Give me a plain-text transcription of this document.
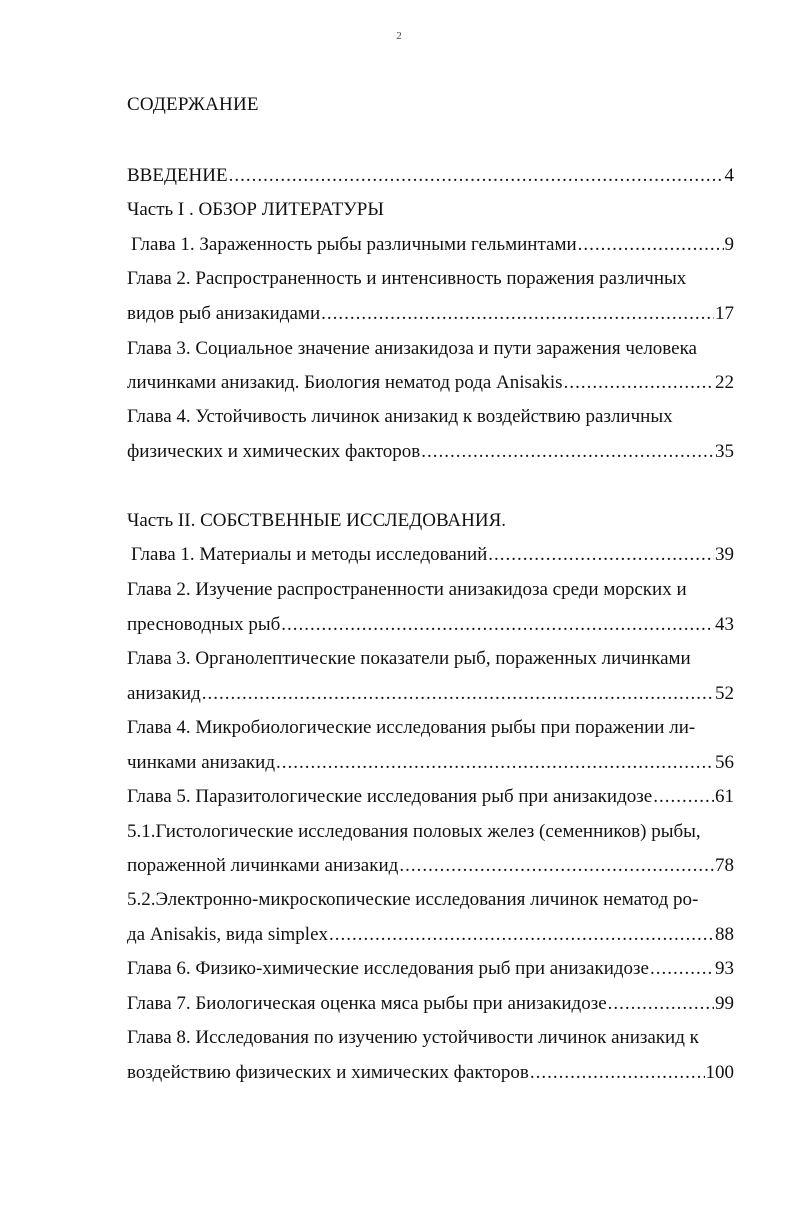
2
СОДЕРЖАНИЕ
ВВЕДЕНИЕ .....	4
Часть I . ОБЗОР ЛИТЕРАТУРЫ
Глава 1. Зараженность рыбы различными гельминтами .....	9
Глава 2. Распространенность и интенсивность поражения различных
видов рыб анизакидами .....	17
Глава 3. Социальное значение анизакидоза и пути заражения человека
личинками анизакид. Биология нематод рода Anisakis .....	22
Глава 4. Устойчивость личинок анизакид к воздействию различных
физических и химических факторов .....	35
Часть II. СОБСТВЕННЫЕ ИССЛЕДОВАНИЯ.
Глава 1. Материалы и методы исследований .....	39
Глава 2. Изучение распространенности анизакидоза среди морских и
пресноводных рыб .....	43
Глава 3. Органолептические показатели рыб, пораженных личинками
анизакид .....	52
Глава 4. Микробиологические исследования рыбы при поражении ли-
чинками анизакид .....	56
Глава 5. Паразитологические исследования рыб при анизакидозе .....	61
5.1.Гистологические исследования половых желез (семенников) рыбы,
пораженной личинками анизакид .....	78
5.2.Электронно-микроскопические исследования личинок нематод ро-
да Anisakis, вида simplex .....	88
Глава 6. Физико-химические исследования рыб при анизакидозе .....	93
Глава 7. Биологическая оценка мяса рыбы при анизакидозе .....	99
Глава 8. Исследования по изучению устойчивости личинок анизакид к
воздействию физических и химических факторов .....	100
